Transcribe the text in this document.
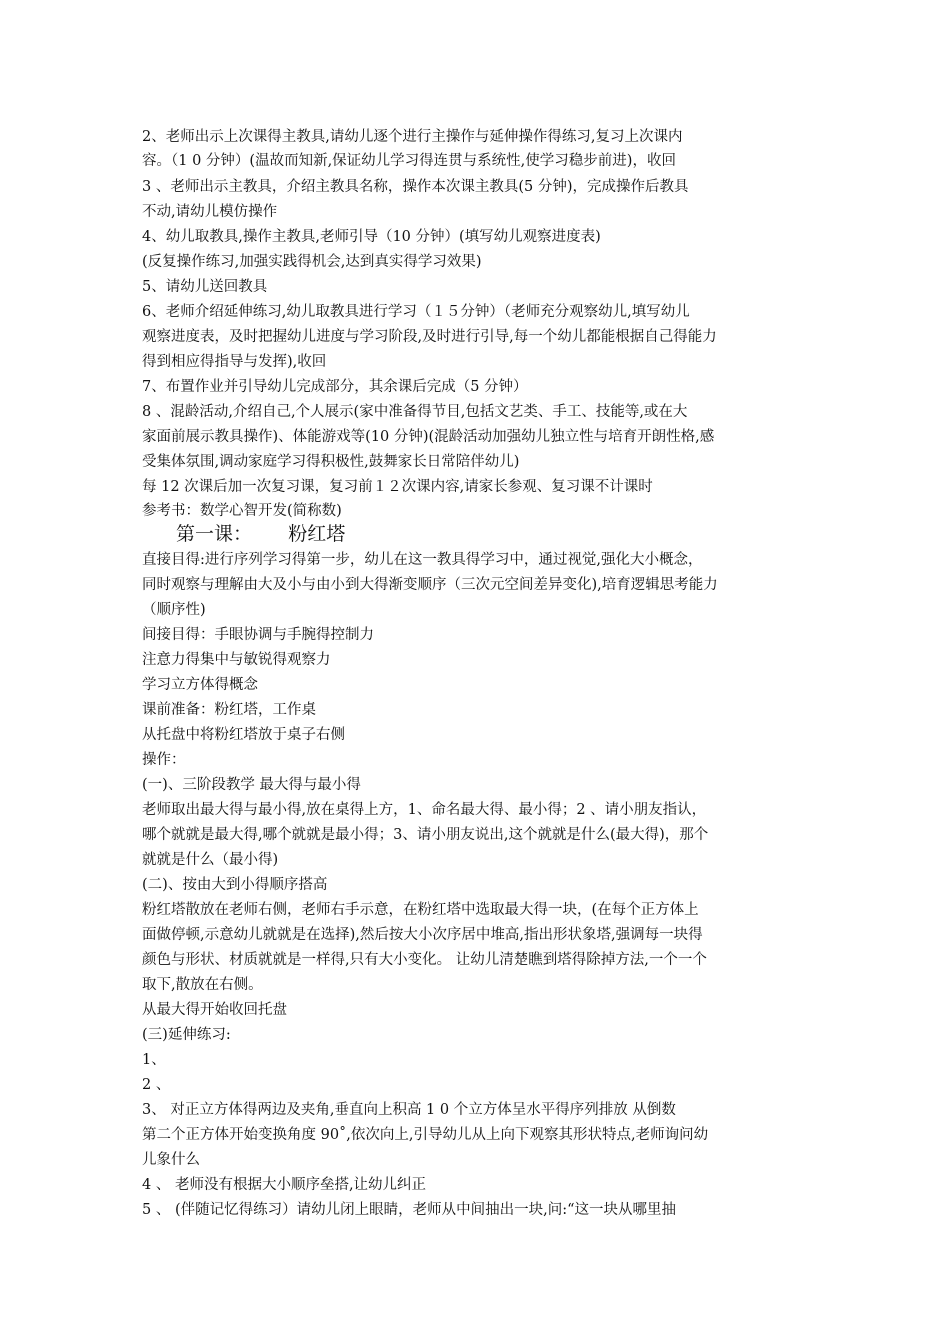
2、老师出示上次课得主教具,请幼儿逐个进行主操作与延伸操作得练习,复习上次课内
容。（1 0 分钟）(温故而知新,保证幼儿学习得连贯与系统性,使学习稳步前进)，收回
3 、老师出示主教具，介绍主教具名称，操作本次课主教具(5 分钟)，完成操作后教具
不动,请幼儿模仿操作
4、幼儿取教具,操作主教具,老师引导（10 分钟）(填写幼儿观察进度表)
(反复操作练习,加强实践得机会,达到真实得学习效果)
5、请幼儿送回教具
6、老师介绍延伸练习,幼儿取教具进行学习（１５分钟）（老师充分观察幼儿,填写幼儿
观察进度表，及时把握幼儿进度与学习阶段,及时进行引导,每一个幼儿都能根据自己得能力
得到相应得指导与发挥),收回
7、布置作业并引导幼儿完成部分，其余课后完成（5 分钟）
8 、混龄活动,介绍自己,个人展示(家中准备得节目,包括文艺类、手工、技能等,或在大
家面前展示教具操作)、体能游戏等(10 分钟)(混龄活动加强幼儿独立性与培育开朗性格,感
受集体氛围,调动家庭学习得积极性,鼓舞家长日常陪伴幼儿)
每 12 次课后加一次复习课，复习前１２次课内容,请家长参观、复习课不计课时
参考书：数学心智开发(简称数)
第一课：      粉红塔
直接目得:进行序列学习得第一步，幼儿在这一教具得学习中，通过视觉,强化大小概念，
同时观察与理解由大及小与由小到大得渐变顺序（三次元空间差异变化),培育逻辑思考能力
（顺序性)
间接目得：手眼协调与手腕得控制力
注意力得集中与敏锐得观察力
学习立方体得概念
课前准备：粉红塔，工作桌
从托盘中将粉红塔放于桌子右侧
操作：
(一)、三阶段教学 最大得与最小得
老师取出最大得与最小得,放在桌得上方，1、命名最大得、最小得；2 、请小朋友指认，
哪个就就是最大得,哪个就就是最小得；3、请小朋友说出,这个就就是什么(最大得)，那个
就就是什么（最小得)
(二)、按由大到小得顺序搭高
粉红塔散放在老师右侧，老师右手示意，在粉红塔中选取最大得一块，(在每个正方体上
面做停顿,示意幼儿就就是在选择),然后按大小次序居中堆高,指出形状象塔,强调每一块得
颜色与形状、材质就就是一样得,只有大小变化。 让幼儿清楚瞧到塔得除掉方法,一个一个
取下,散放在右侧。
从最大得开始收回托盘
(三)延伸练习:
1、
2 、
3、 对正立方体得两边及夹角,垂直向上积高 1 0 个立方体呈水平得序列排放 从倒数
第二个正方体开始变换角度 90˚,依次向上,引导幼儿从上向下观察其形状特点,老师询问幼
儿象什么
4 、 老师没有根据大小顺序垒搭,让幼儿纠正
5 、 (伴随记忆得练习）请幼儿闭上眼睛，老师从中间抽出一块,问:“这一块从哪里抽
